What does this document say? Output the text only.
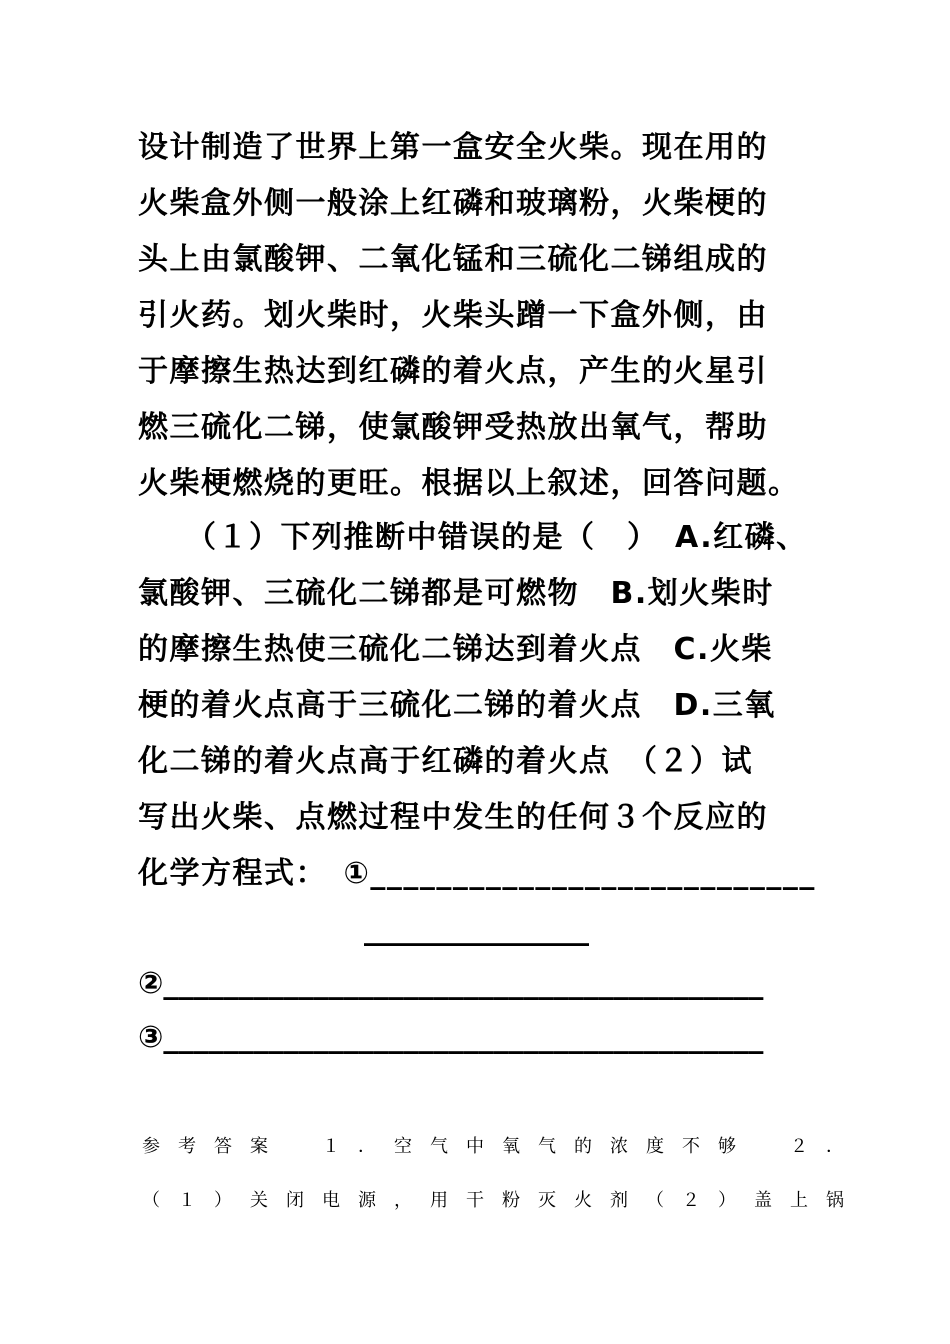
设计制造了世界上第一盒安全火柴。现在用的
火柴盒外侧一般涂上红磷和玻璃粉，火柴梗的
头上由氯酸钾、二氧化锰和三硫化二锑组成的
引火药。划火柴时，火柴头蹭一下盒外侧，由
于摩擦生热达到红磷的着火点，产生的火星引
燃三硫化二锑，使氯酸钾受热放出氧气，帮助
火柴梗燃烧的更旺。根据以上叙述，回答问题。
（１）下列推断中错误的是（　）　A.红磷、
氯酸钾、三硫化二锑都是可燃物　B.划火柴时
的摩擦生热使三硫化二锑达到着火点　C.火柴
梗的着火点高于三硫化二锑的着火点　D.三氧
化二锑的着火点高于红磷的着火点　（２）试
写出火柴、点燃过程中发生的任何３个反应的
化学方程式：　①___________________________
_______________
②________________________________________
③________________________________________
参考答案　１．空气中氧气的浓度不够　２．
（１）关闭电源，用干粉灭火剂（２）盖上锅
